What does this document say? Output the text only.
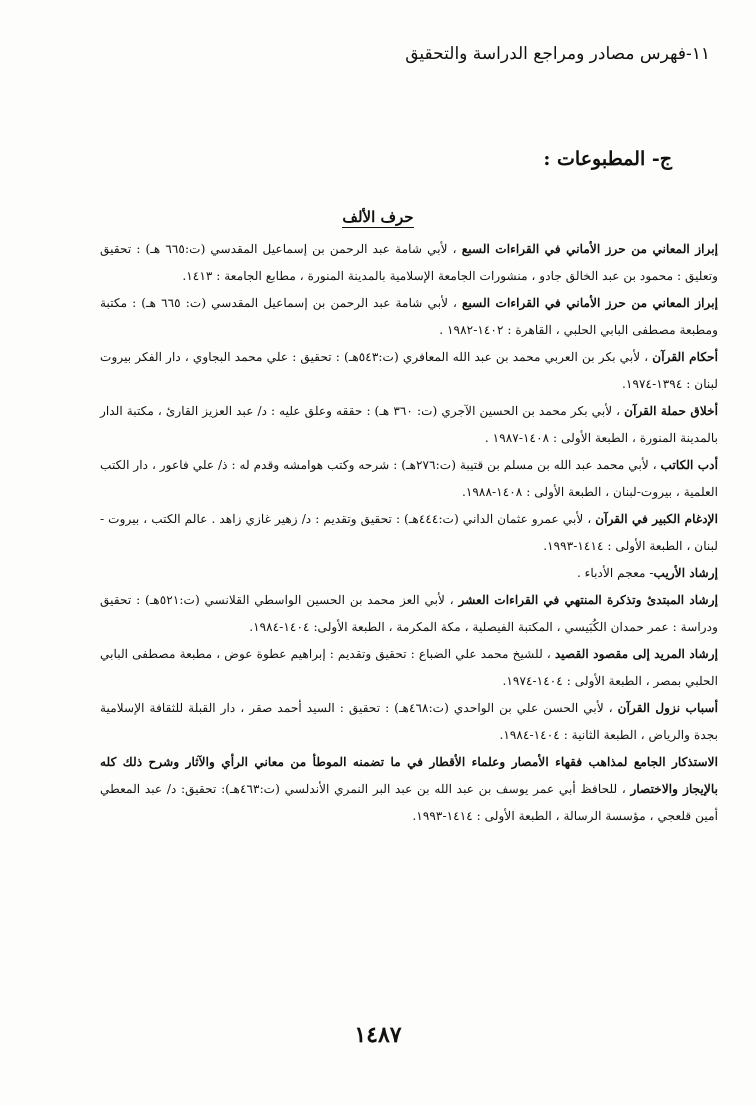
١١-فهرس مصادر ومراجع الدراسة والتحقيق
ج- المطبوعات :
حرف الألف

إبراز المعاني من حرز الأماني في القراءات السبع ، لأبي شامة عبد الرحمن بن إسماعيل المقدسي (ت:٦٦٥ هـ) : تحقيق وتعليق : محمود بن عبد الخالق جادو ، منشورات الجامعة الإسلامية بالمدينة المنورة ، مطابع الجامعة : ١٤١٣.

إبراز المعاني من حرز الأماني في القراءات السبع ، لأبي شامة عبد الرحمن بن إسماعيل المقدسي (ت: ٦٦٥ هـ) : مكتبة ومطبعة مصطفى البابي الحلبي ، القاهرة : ١٤٠٢-١٩٨٢ .

أحكام القرآن ، لأبي بكر بن العربي محمد بن عبد الله المعافري (ت:٥٤٣هـ) : تحقيق : علي محمد البجاوي ، دار الفكر بيروت لبنان : ١٣٩٤-١٩٧٤.

أخلاق حملة القرآن ، لأبي بكر محمد بن الحسين الآجري (ت: ٣٦٠ هـ) : حققه وعلق عليه : د/ عبد العزيز القارئ ، مكتبة الدار بالمدينة المنورة ، الطبعة الأولى : ١٤٠٨-١٩٨٧ .

أدب الكاتب ، لأبي محمد عبد الله بن مسلم بن قتيبة (ت:٢٧٦هـ) : شرحه وكتب هوامشه وقدم له : ذ/ علي فاعور ، دار الكتب العلمية ، بيروت-لبنان ، الطبعة الأولى : ١٤٠٨-١٩٨٨.

الإدغام الكبير في القرآن ، لأبي عمرو عثمان الداني (ت:٤٤٤هـ) : تحقيق وتقديم : د/ زهير غازي زاهد . عالم الكتب ، بيروت - لبنان ، الطبعة الأولى : ١٤١٤-١٩٩٣.

إرشاد الأريب- معجم الأدباء .

إرشاد المبتدئ وتذكرة المنتهي في القراءات العشر ، لأبي العز محمد بن الحسين الواسطي القلانسي (ت:٥٢١هـ) : تحقيق ودراسة : عمر حمدان الكُبَيسي ، المكتبة الفيصلية ، مكة المكرمة ، الطبعة الأولى: ١٤٠٤-١٩٨٤.

إرشاد المريد إلى مقصود القصيد ، للشيخ محمد علي الضباع : تحقيق وتقديم : إبراهيم عطوة عوض ، مطبعة مصطفى البابي الحلبي بمصر ، الطبعة الأولى : ١٤٠٤-١٩٧٤.

أسباب نزول القرآن ، لأبي الحسن علي بن الواحدي (ت:٤٦٨هـ) : تحقيق : السيد أحمد صقر ، دار القبلة للثقافة الإسلامية بجدة والرياض ، الطبعة الثانية : ١٤٠٤-١٩٨٤.

الاستذكار الجامع لمذاهب فقهاء الأمصار وعلماء الأقطار في ما تضمنه الموطأ من معاني الرأي والآثار وشرح ذلك كله بالإيجاز والاختصار ، للحافظ أبي عمر يوسف بن عبد الله بن عبد البر النمري الأندلسي (ت:٤٦٣هـ): تحقيق: د/ عبد المعطي أمين قلعجي ، مؤسسة الرسالة ، الطبعة الأولى : ١٤١٤-١٩٩٣.

١٤٨٧
